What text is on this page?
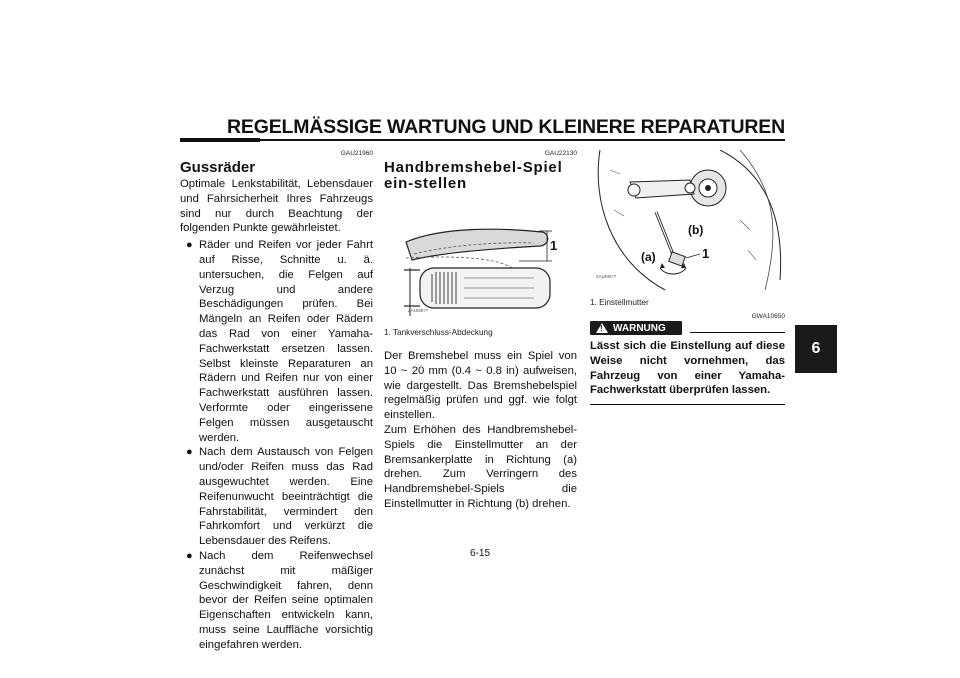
REGELMÄSSIGE WARTUNG UND KLEINERE REPARATUREN
6
GAU21960
Gussräder

Optimale Lenkstabilität, Lebensdauer und Fahrsicherheit Ihres Fahrzeugs sind nur durch Beachtung der folgenden Punkte gewährleistet.

● Räder und Reifen vor jeder Fahrt auf Risse, Schnitte u. ä. untersuchen, die Felgen auf Verzug und andere Beschädigungen prüfen. Bei Mängeln an Reifen oder Rädern das Rad von einer Yamaha-Fachwerkstatt ersetzen lassen. Selbst kleinste Reparaturen an Rädern und Reifen nur von einer Fachwerkstatt ausführen lassen. Verformte oder eingerissene Felgen müssen ausgetauscht werden.
● Nach dem Austausch von Felgen und/oder Reifen muss das Rad ausgewuchtet werden. Eine Reifenunwucht beeinträchtigt die Fahrstabilität, vermindert den Fahrkomfort und verkürzt die Lebensdauer des Reifens.
● Nach dem Reifenwechsel zunächst mit mäßiger Geschwindigkeit fahren, denn bevor der Reifen seine optimalen Eigenschaften entwickeln kann, muss seine Lauffläche vorsichtig eingefahren werden.
GAU22130
Handbremshebel-Spiel ein-stellen
1
ZAUM0??
1. Tankverschluss-Abdeckung

Der Bremshebel muss ein Spiel von 10 ~ 20 mm (0.4 ~ 0.8 in) aufweisen, wie dargestellt. Das Bremshebelspiel regelmäßig prüfen und ggf. wie folgt einstellen.

Zum Erhöhen des Handbremshebel-Spiels die Einstellmutter an der Bremsankerplatte in Richtung (a) drehen. Zum Verringern des Handbremshebel-Spiels die Einstellmutter in Richtung (b) drehen.

(a)
(b)
1
ZAUM0??
1. Einstellmutter
GWA10650
!
WARNUNG
Lässt sich die Einstellung auf diese Weise nicht vornehmen, das Fahrzeug von einer Yamaha-Fachwerkstatt überprüfen lassen.
6-15
